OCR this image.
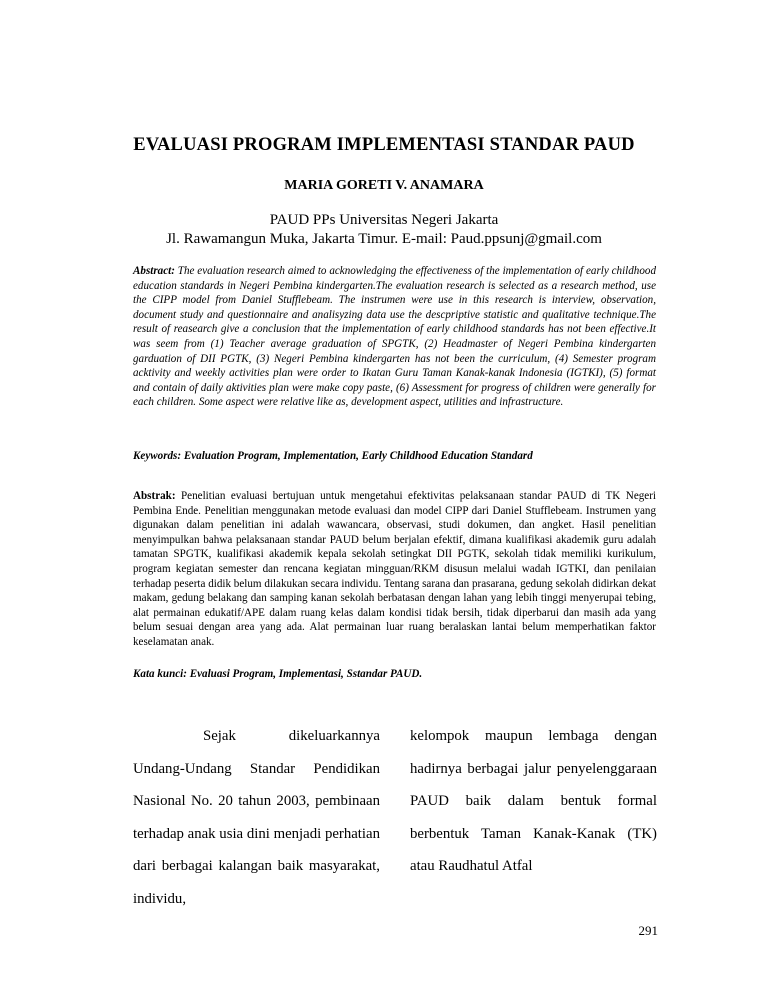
EVALUASI PROGRAM IMPLEMENTASI STANDAR PAUD
MARIA GORETI V. ANAMARA
PAUD PPs Universitas Negeri Jakarta
Jl. Rawamangun Muka, Jakarta Timur. E-mail: Paud.ppsunj@gmail.com
Abstract: The evaluation research aimed to acknowledging the effectiveness of the implementation of early childhood education standards in Negeri Pembina kindergarten.The evaluation research is selected as a research method, use the CIPP model from Daniel Stufflebeam. The instrumen were use in this research is interview, observation, document study and questionnaire and analisyzing data use the descpriptive statistic and qualitative technique.The result of reasearch give a conclusion that the implementation of early childhood standards has not been effective.It was seem from (1) Teacher average graduation of SPGTK, (2) Headmaster of Negeri Pembina kindergarten garduation of DII PGTK, (3) Negeri Pembina kindergarten has not been the curriculum, (4) Semester program acktivity and weekly activities plan were order to Ikatan Guru Taman Kanak-kanak Indonesia (IGTKI), (5) format and contain of daily aktivities plan were make copy paste, (6) Assessment for progress of children were generally for each children. Some aspect were relative like as, development aspect, utilities and infrastructure.
Keywords: Evaluation Program, Implementation, Early Childhood Education Standard
Abstrak: Penelitian evaluasi bertujuan untuk mengetahui efektivitas pelaksanaan standar PAUD di TK Negeri Pembina Ende. Penelitian menggunakan metode evaluasi dan model CIPP dari Daniel Stufflebeam. Instrumen yang digunakan dalam penelitian ini adalah wawancara, observasi, studi dokumen, dan angket. Hasil penelitian menyimpulkan bahwa pelaksanaan standar PAUD belum berjalan efektif, dimana kualifikasi akademik guru adalah tamatan SPGTK, kualifikasi akademik kepala sekolah setingkat DII PGTK, sekolah tidak memiliki kurikulum, program kegiatan semester dan rencana kegiatan mingguan/RKM disusun melalui wadah IGTKI, dan penilaian terhadap peserta didik belum dilakukan secara individu. Tentang sarana dan prasarana, gedung sekolah didirkan dekat makam, gedung belakang dan samping kanan sekolah berbatasan dengan lahan yang lebih tinggi menyerupai tebing, alat permainan edukatif/APE dalam ruang kelas dalam kondisi tidak bersih, tidak diperbarui dan masih ada yang belum sesuai dengan area yang ada. Alat permainan luar ruang beralaskan lantai belum memperhatikan faktor keselamatan anak.
Kata kunci: Evaluasi Program, Implementasi, Sstandar PAUD.
Sejak dikeluarkannya Undang-Undang Standar Pendidikan Nasional No. 20 tahun 2003, pembinaan terhadap anak usia dini menjadi perhatian dari berbagai kalangan baik masyarakat, individu,
kelompok maupun lembaga dengan hadirnya berbagai jalur penyelenggaraan PAUD baik dalam bentuk formal berbentuk Taman Kanak-Kanak (TK) atau Raudhatul Atfal
291
